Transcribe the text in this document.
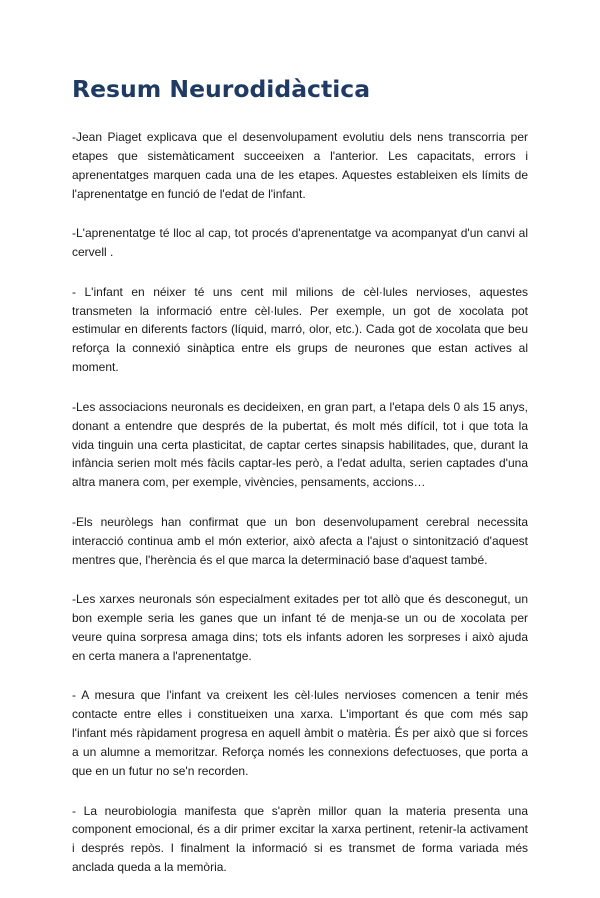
Resum Neurodidàctica

-Jean Piaget explicava que el desenvolupament evolutiu dels nens transcorria per etapes que sistemàticament succeeixen a l'anterior. Les capacitats, errors i aprenentatges marquen cada una de les etapes. Aquestes estableixen els límits de l'aprenentatge en funció de l'edat de l'infant.

-L'aprenentatge té lloc al cap, tot procés d'aprenentatge va acompanyat d'un canvi al cervell .

- L'infant en néixer té uns cent mil milions de cèl·lules nervioses, aquestes transmeten la informació entre cèl·lules. Per exemple, un got de xocolata pot estimular en diferents factors (líquid, marró, olor, etc.). Cada got de xocolata que beu reforça la connexió sinàptica entre els grups de neurones que estan actives al moment.

-Les associacions neuronals es decideixen, en gran part, a l'etapa dels 0 als 15 anys, donant a entendre que després de la pubertat, és molt més difícil, tot i que tota la vida tinguin una certa plasticitat, de captar certes sinapsis habilitades, que, durant la infància serien molt més fàcils captar-les però, a l'edat adulta, serien captades d'una altra manera com, per exemple, vivències, pensaments, accions…

-Els neuròlegs han confirmat que un bon desenvolupament cerebral necessita interacció continua amb el món exterior, això afecta a l'ajust o sintonització d'aquest mentres que, l'herència és el que marca la determinació base d'aquest també.

-Les xarxes neuronals són especialment exitades per tot allò que és desconegut, un bon exemple seria les ganes que un infant té de menja-se un ou de xocolata per veure quina sorpresa amaga dins; tots els infants adoren les sorpreses i això ajuda en certa manera a l'aprenentatge.

- A mesura que l'infant va creixent les cèl·lules nervioses comencen a tenir més contacte entre elles i constitueixen una xarxa. L'important és que com més sap l'infant més ràpidament progresa en aquell àmbit o matèria. És per això que si forces a un alumne a memoritzar. Reforça només les connexions defectuoses, que porta a que en un futur no se'n recorden.

- La neurobiologia manifesta que s'aprèn millor quan la materia presenta una component emocional, és a dir primer excitar la xarxa pertinent, retenir-la activament i després repòs. I finalment la informació si es transmet de forma variada més anclada queda a la memòria.
